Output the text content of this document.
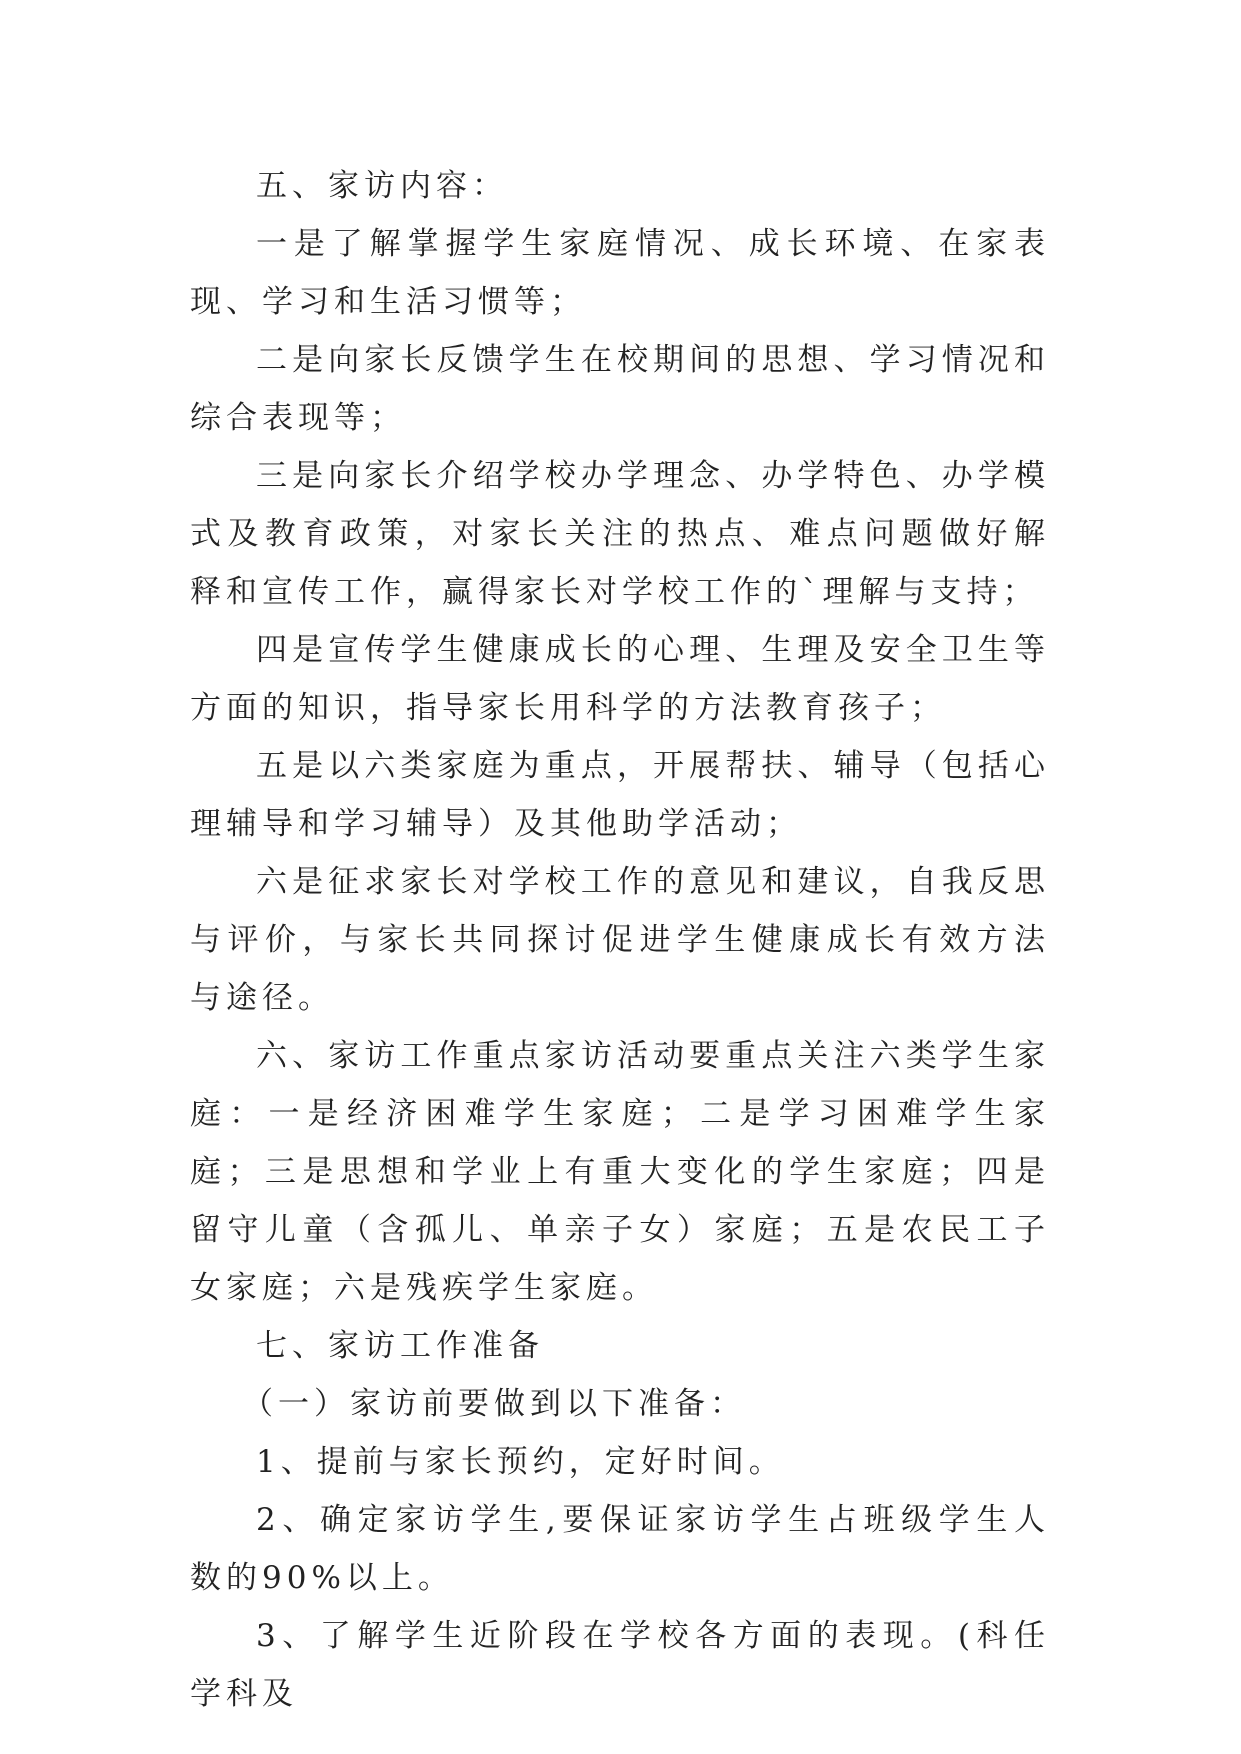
五、家访内容：

一是了解掌握学生家庭情况、成长环境、在家表现、学习和生活习惯等；

二是向家长反馈学生在校期间的思想、学习情况和综合表现等；

三是向家长介绍学校办学理念、办学特色、办学模式及教育政策，对家长关注的热点、难点问题做好解释和宣传工作，赢得家长对学校工作的`理解与支持；

四是宣传学生健康成长的心理、生理及安全卫生等方面的知识，指导家长用科学的方法教育孩子；

五是以六类家庭为重点，开展帮扶、辅导（包括心理辅导和学习辅导）及其他助学活动；

六是征求家长对学校工作的意见和建议，自我反思与评价，与家长共同探讨促进学生健康成长有效方法与途径。

六、家访工作重点家访活动要重点关注六类学生家庭：一是经济困难学生家庭；二是学习困难学生家庭；三是思想和学业上有重大变化的学生家庭；四是留守儿童（含孤儿、单亲子女）家庭；五是农民工子女家庭；六是残疾学生家庭。

七、家访工作准备

（一）家访前要做到以下准备：

1、提前与家长预约，定好时间。

2、确定家访学生,要保证家访学生占班级学生人数的90%以上。

3、了解学生近阶段在学校各方面的表现。(科任学科及
